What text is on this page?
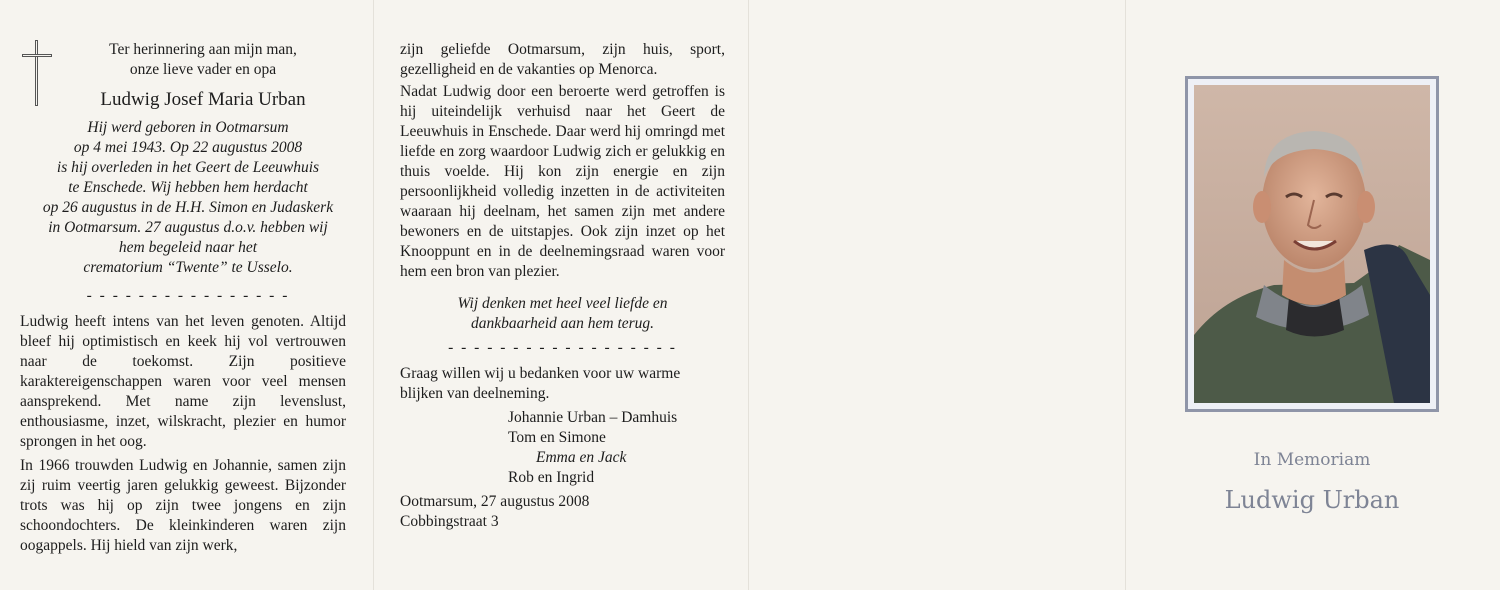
Ter herinnering aan mijn man,
onze lieve vader en opa
Ludwig Josef Maria Urban
Hij werd geboren in Ootmarsum
op 4 mei 1943. Op 22 augustus 2008
is hij overleden in het Geert de Leeuwhuis
te Enschede. Wij hebben hem herdacht
op 26 augustus in de H.H. Simon en Judaskerk
in Ootmarsum. 27 augustus d.o.v. hebben wij
hem begeleid naar het
crematorium “Twente” te Usselo.
- - - - - - - - - - - - - - - -

Ludwig heeft intens van het leven genoten. Altijd bleef hij optimistisch en keek hij vol vertrouwen naar de toekomst. Zijn positieve karaktereigenschappen waren voor veel mensen aansprekend. Met name zijn levenslust, enthousiasme, inzet, wilskracht, plezier en humor sprongen in het oog.

In 1966 trouwden Ludwig en Johannie, samen zijn zij ruim veertig jaren gelukkig geweest. Bijzonder trots was hij op zijn twee jongens en zijn schoondochters. De kleinkinderen waren zijn oogappels. Hij hield van zijn werk,

zijn geliefde Ootmarsum, zijn huis, sport, gezelligheid en de vakanties op Menorca.

Nadat Ludwig door een beroerte werd getroffen is hij uiteindelijk verhuisd naar het Geert de Leeuwhuis in Enschede. Daar werd hij omringd met liefde en zorg waardoor Ludwig zich er gelukkig en thuis voelde. Hij kon zijn energie en zijn persoonlijkheid volledig inzetten in de activiteiten waaraan hij deelnam, het samen zijn met andere bewoners en de uitstapjes. Ook zijn inzet op het Knooppunt en in de deelnemingsraad waren voor hem een bron van plezier.

Wij denken met heel veel liefde en
dankbaarheid aan hem terug.
- - - - - - - - - - - - - - - - - -

Graag willen wij u bedanken voor uw warme blijken van deelneming.

Johannie Urban – Damhuis
Tom en Simone
Emma en Jack
Rob en Ingrid
Ootmarsum, 27 augustus 2008
Cobbingstraat 3
In Memoriam
Ludwig Urban
